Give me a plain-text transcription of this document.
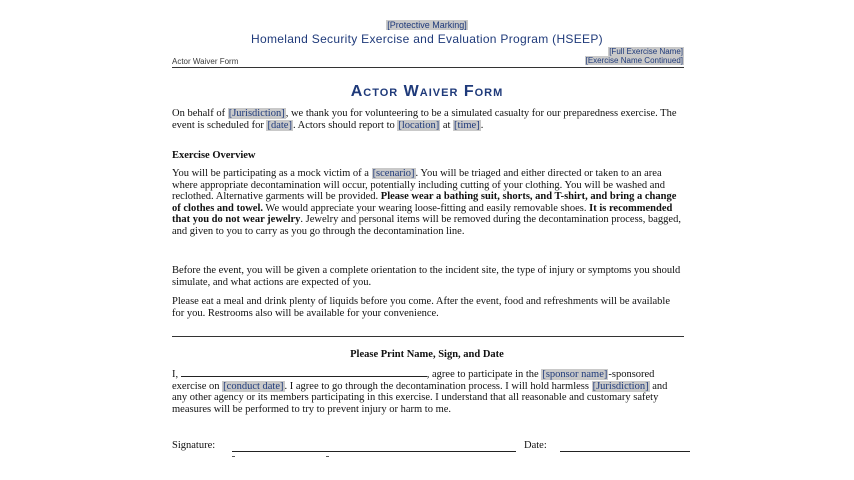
[Protective Marking]
Homeland Security Exercise and Evaluation Program (HSEEP)
[Full Exercise Name]
[Exercise Name Continued]
Actor Waiver Form
Actor Waiver Form
On behalf of [Jurisdiction], we thank you for volunteering to be a simulated casualty for our preparedness exercise. The event is scheduled for [date]. Actors should report to [location] at [time].
Exercise Overview
You will be participating as a mock victim of a [scenario]. You will be triaged and either directed or taken to an area where appropriate decontamination will occur, potentially including cutting of your clothing. You will be washed and reclothed. Alternative garments will be provided. Please wear a bathing suit, shorts, and T-shirt, and bring a change of clothes and towel. We would appreciate your wearing loose-fitting and easily removable shoes. It is recommended that you do not wear jewelry. Jewelry and personal items will be removed during the decontamination process, bagged, and given to you to carry as you go through the decontamination line.
Before the event, you will be given a complete orientation to the incident site, the type of injury or symptoms you should simulate, and what actions are expected of you.
Please eat a meal and drink plenty of liquids before you come. After the event, food and refreshments will be available for you. Restrooms also will be available for your convenience.
Please Print Name, Sign, and Date
I,	, agree to participate in the [sponsor name]-sponsored exercise on [conduct date]. I agree to go through the decontamination process. I will hold harmless [Jurisdiction] and any other agency or its members participating in this exercise. I understand that all reasonable and customary safety measures will be performed to try to prevent injury or harm to me.
Signature:	Date:
